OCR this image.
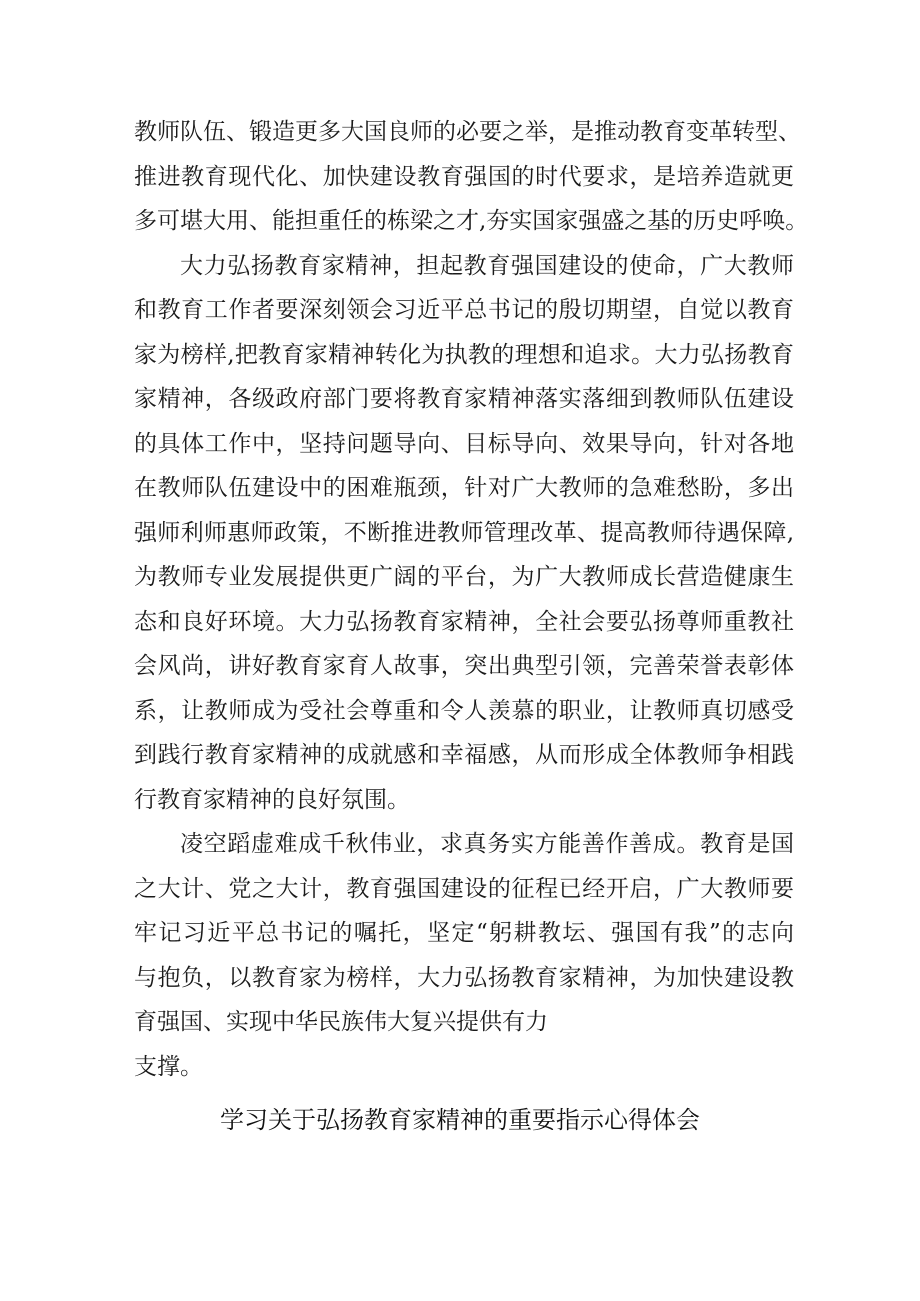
教师队伍、锻造更多大国良师的必要之举，是推动教育变革转型、
推进教育现代化、加快建设教育强国的时代要求，是培养造就更
多可堪大用、能担重任的栋梁之才,夯实国家强盛之基的历史呼唤。
大力弘扬教育家精神，担起教育强国建设的使命，广大教师
和教育工作者要深刻领会习近平总书记的殷切期望，自觉以教育
家为榜样,把教育家精神转化为执教的理想和追求。大力弘扬教育
家精神，各级政府部门要将教育家精神落实落细到教师队伍建设
的具体工作中，坚持问题导向、目标导向、效果导向，针对各地
在教师队伍建设中的困难瓶颈，针对广大教师的急难愁盼，多出
强师利师惠师政策，不断推进教师管理改革、提高教师待遇保障,
为教师专业发展提供更广阔的平台，为广大教师成长营造健康生
态和良好环境。大力弘扬教育家精神，全社会要弘扬尊师重教社
会风尚，讲好教育家育人故事，突出典型引领，完善荣誉表彰体
系，让教师成为受社会尊重和令人羡慕的职业，让教师真切感受
到践行教育家精神的成就感和幸福感，从而形成全体教师争相践
行教育家精神的良好氛围。
凌空蹈虚难成千秋伟业，求真务实方能善作善成。教育是国
之大计、党之大计，教育强国建设的征程已经开启，广大教师要
牢记习近平总书记的嘱托，坚定“躬耕教坛、强国有我”的志向
与抱负，以教育家为榜样，大力弘扬教育家精神，为加快建设教
育强国、实现中华民族伟大复兴提供有力
支撑。
学习关于弘扬教育家精神的重要指示心得体会
